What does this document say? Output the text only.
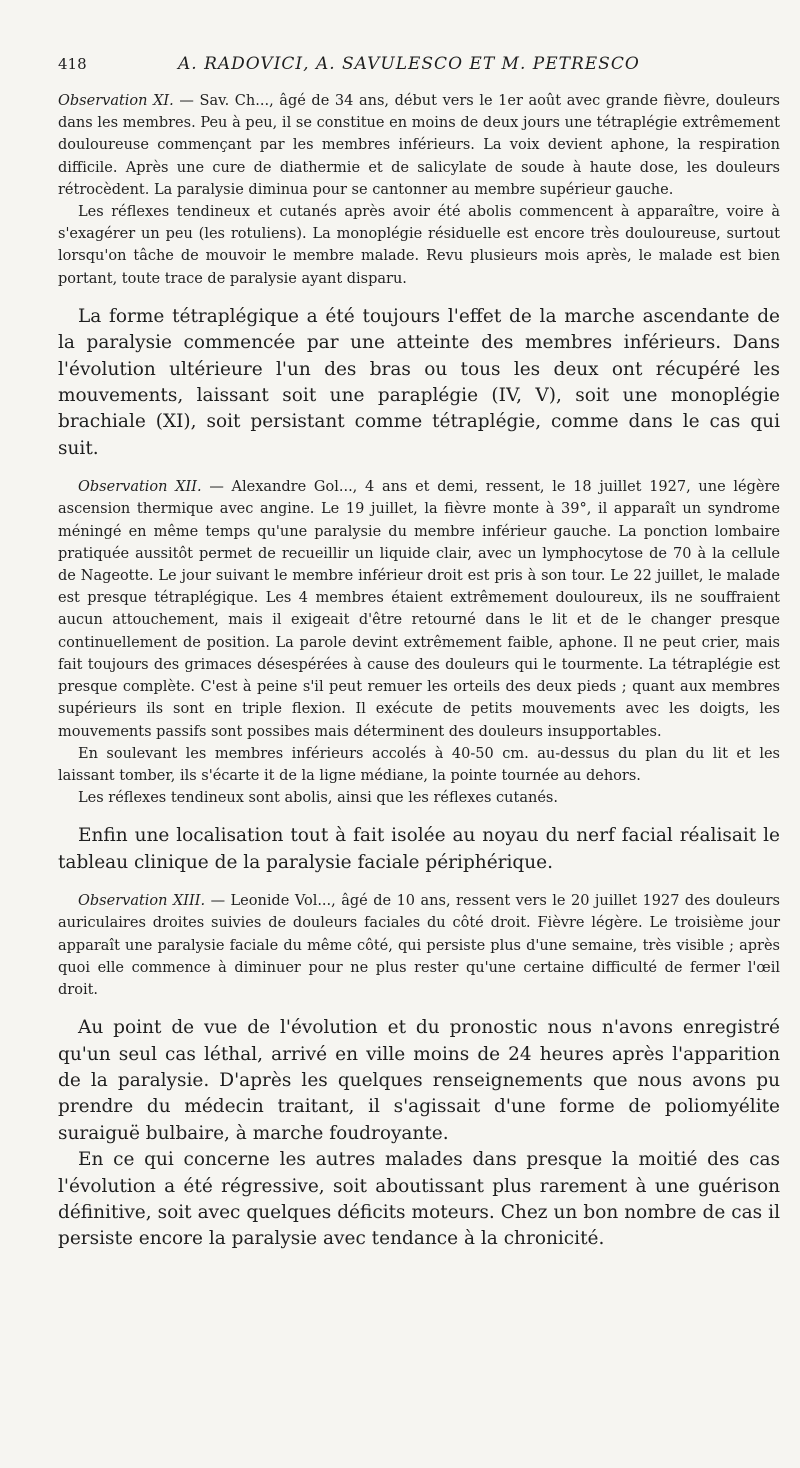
418	A. RADOVICI, A. SAVULESCO ET M. PETRESCO

Observation XI. — Sav. Ch..., âgé de 34 ans, début vers le 1er août avec grande fièvre, douleurs dans les membres. Peu à peu, il se constitue en moins de deux jours une tétraplégie extrêmement douloureuse commençant par les membres inférieurs. La voix devient aphone, la respiration difficile. Après une cure de diathermie et de salicylate de soude à haute dose, les douleurs rétrocèdent. La paralysie diminua pour se cantonner au membre supérieur gauche.

Les réflexes tendineux et cutanés après avoir été abolis commencent à apparaître, voire à s'exagérer un peu (les rotuliens). La monoplégie résiduelle est encore très douloureuse, surtout lorsqu'on tâche de mouvoir le membre malade. Revu plusieurs mois après, le malade est bien portant, toute trace de paralysie ayant disparu.

La forme tétraplégique a été toujours l'effet de la marche ascendante de la paralysie commencée par une atteinte des membres inférieurs. Dans l'évolution ultérieure l'un des bras ou tous les deux ont récupéré les mouvements, laissant soit une paraplégie (IV, V), soit une monoplégie brachiale (XI), soit persistant comme tétraplégie, comme dans le cas qui suit.

Observation XII. — Alexandre Gol..., 4 ans et demi, ressent, le 18 juillet 1927, une légère ascension thermique avec angine. Le 19 juillet, la fièvre monte à 39°, il apparaît un syndrome méningé en même temps qu'une paralysie du membre inférieur gauche. La ponction lombaire pratiquée aussitôt permet de recueillir un liquide clair, avec un lymphocytose de 70 à la cellule de Nageotte. Le jour suivant le membre inférieur droit est pris à son tour. Le 22 juillet, le malade est presque tétraplégique. Les 4 membres étaient extrêmement douloureux, ils ne souffraient aucun attouchement, mais il exigeait d'être retourné dans le lit et de le changer presque continuellement de position. La parole devint extrêmement faible, aphone. Il ne peut crier, mais fait toujours des grimaces désespérées à cause des douleurs qui le tourmente. La tétraplégie est presque complète. C'est à peine s'il peut remuer les orteils des deux pieds ; quant aux membres supérieurs ils sont en triple flexion. Il exécute de petits mouvements avec les doigts, les mouvements passifs sont possibes mais déterminent des douleurs insupportables.

En soulevant les membres inférieurs accolés à 40-50 cm. au-dessus du plan du lit et les laissant tomber, ils s'écarte it de la ligne médiane, la pointe tournée au dehors.

Les réflexes tendineux sont abolis, ainsi que les réflexes cutanés.

Enfin une localisation tout à fait isolée au noyau du nerf facial réalisait le tableau clinique de la paralysie faciale périphérique.

Observation XIII. — Leonide Vol..., âgé de 10 ans, ressent vers le 20 juillet 1927 des douleurs auriculaires droites suivies de douleurs faciales du côté droit. Fièvre légère. Le troisième jour apparaît une paralysie faciale du même côté, qui persiste plus d'une semaine, très visible ; après quoi elle commence à diminuer pour ne plus rester qu'une certaine difficulté de fermer l'œil droit.

Au point de vue de l'évolution et du pronostic nous n'avons enregistré qu'un seul cas léthal, arrivé en ville moins de 24 heures après l'apparition de la paralysie. D'après les quelques renseignements que nous avons pu prendre du médecin traitant, il s'agissait d'une forme de poliomyélite suraiguë bulbaire, à marche foudroyante.

En ce qui concerne les autres malades dans presque la moitié des cas l'évolution a été régressive, soit aboutissant plus rarement à une guérison définitive, soit avec quelques déficits moteurs. Chez un bon nombre de cas il persiste encore la paralysie avec tendance à la chronicité.
